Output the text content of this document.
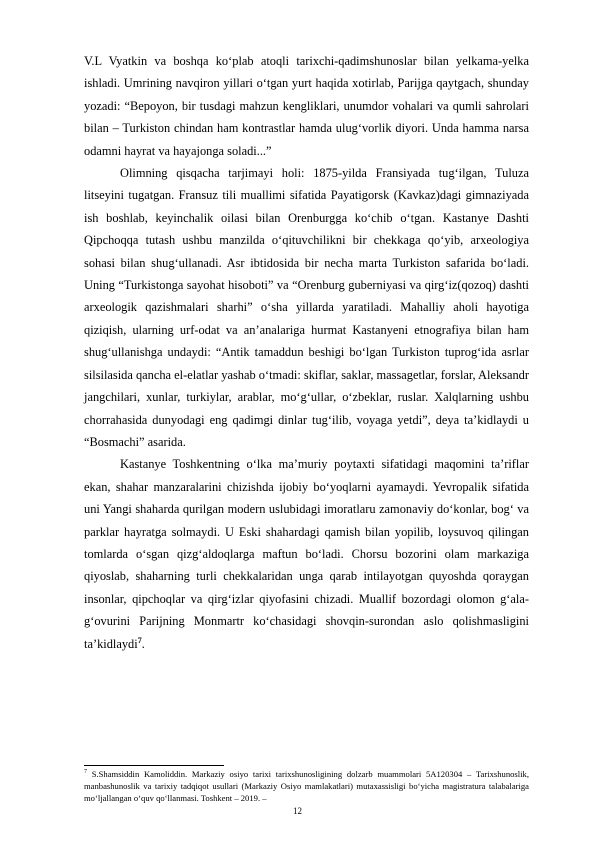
V.L Vyatkin va boshqa koʻplab atoqli tarixchi-qadimshunoslar bilan yelkama-yelka ishladi. Umrining navqiron yillari oʻtgan yurt haqida xotirlab, Parijga qaytgach, shunday yozadi: “Bepoyon, bir tusdagi mahzun kengliklari, unumdor vohalari va qumli sahrolari bilan – Turkiston chindan ham kontrastlar hamda ulugʻvorlik diyori. Unda hamma narsa odamni hayrat va hayajonga soladi...”

Olimning qisqacha tarjimayi holi: 1875-yilda Fransiyada tugʻilgan, Tuluza litseyini tugatgan. Fransuz tili muallimi sifatida Payatigorsk (Kavkaz)dagi gimnaziyada ish boshlab, keyinchalik oilasi bilan Orenburgga koʻchib oʻtgan. Kastanye Dashti Qipchoqqa tutash ushbu manzilda oʻqituvchilikni bir chekkaga qoʻyib, arxeologiya sohasi bilan shugʻullanadi. Asr ibtidosida bir necha marta Turkiston safarida boʻladi. Uning “Turkistonga sayohat hisoboti” va “Orenburg guberniyasi va qirgʻiz(qozoq) dashti arxeologik qazishmalari sharhi” oʻsha yillarda yaratiladi. Mahalliy aholi hayotiga qiziqish, ularning urf-odat va anʼanalariga hurmat Kastanyeni etnografiya bilan ham shugʻullanishga undaydi: “Antik tamaddun beshigi boʻlgan Turkiston tuprogʻida asrlar silsilasida qancha el-elatlar yashab oʻtmadi: skiflar, saklar, massagetlar, forslar, Aleksandr jangchilari, xunlar, turkiylar, arablar, moʻgʻullar, oʻzbeklar, ruslar. Xalqlarning ushbu chorrahasida dunyodagi eng qadimgi dinlar tugʻilib, voyaga yetdi”, deya taʼkidlaydi u “Bosmachi” asarida.

Kastanye Toshkentning oʻlka maʼmuriy poytaxti sifatidagi maqomini taʼriflar ekan, shahar manzaralarini chizishda ijobiy boʻyoqlarni ayamaydi. Yevropalik sifatida uni Yangi shaharda qurilgan modern uslubidagi imoratlaru zamonaviy doʻkonlar, bogʻ va parklar hayratga solmaydi. U Eski shahardagi qamish bilan yopilib, loysuvoq qilingan tomlarda oʻsgan qizgʻaldoqlarga maftun boʻladi. Chorsu bozorini olam markaziga qiyoslab, shaharning turli chekkalaridan unga qarab intilayotgan quyoshda qoraygan insonlar, qipchoqlar va qirgʻizlar qiyofasini chizadi. Muallif bozordagi olomon gʻala-gʻovurini Parijning Monmartr koʻchasidagi shovqin-surondan aslo qolishmasligini taʼkidlaydi$^7$.

$^7$ S.Shamsiddin Kamoliddin. Markaziy osiyo tarixi tarixshunosligining dolzarb muammolari 5A120304 – Tarixshunoslik, manbashunoslik va tarixiy tadqiqot usullari (Markaziy Osiyo mamlakatlari) mutaxassisligi boʻyicha magistratura talabalariga moʻljallangan oʻquv qoʻllanmasi. Toshkent – 2019. –
12
